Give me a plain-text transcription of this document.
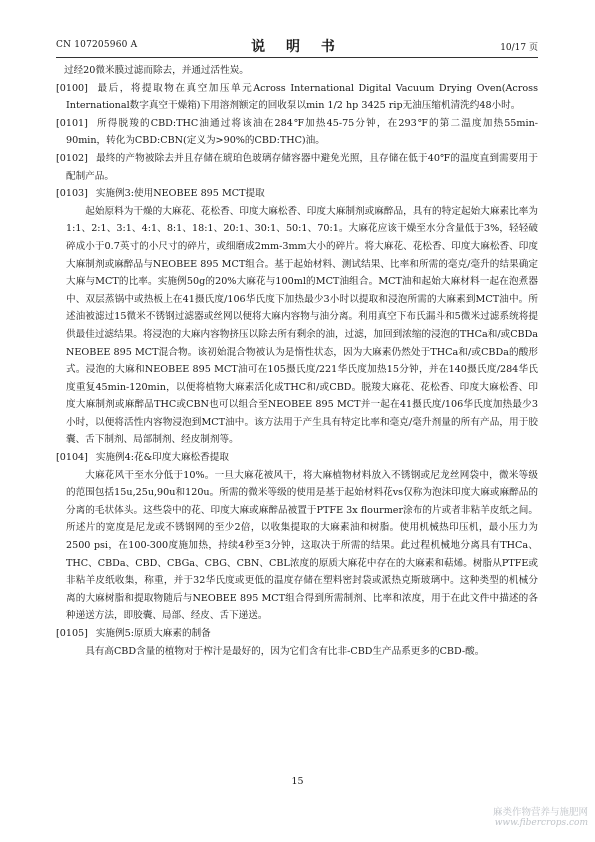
CN 107205960 A	说 明 书	10/17 页

过经20微米膜过滤而除去，并通过活性炭。

[0100] 最后，将提取物在真空加压单元Across International Digital Vacuum Drying Oven(Across International数字真空干燥箱)下用溶剂额定的回收泵以min 1/2 hp 3425 rip无油压缩机清洗约48小时。

[0101] 所得脱羧的CBD:THC油通过将该油在284℉加热45-75分钟，在293℉的第二温度加热55min-90min，转化为CBD:CBN(定义为>90%的CBD:THC)油。

[0102] 最终的产物被除去并且存储在琥珀色玻璃存储容器中避免光照，且存储在低于40℉的温度直到需要用于配制产品。

[0103] 实施例3:使用NEOBEE 895 MCT提取

起始原料为干燥的大麻花、花松香、印度大麻松香、印度大麻制剂或麻醉品，具有的特定起始大麻素比率为1:1、2:1、3:1、4:1、8:1、18:1、20:1、30:1、50:1、70:1。大麻花应该干燥至水分含量低于3%，轻轻破碎成小于0.7英寸的小尺寸的碎片，或细磨成2mm-3mm大小的碎片。将大麻花、花松香、印度大麻松香、印度大麻制剂或麻醉品与NEOBEE 895 MCT组合。基于起始材料、测试结果、比率和所需的毫克/毫升的结果确定大麻与MCT的比率。实施例50g的20%大麻花与100ml的MCT油组合。MCT油和起始大麻材料一起在泡煮器中、双层蒸锅中或热板上在41摄氏度/106华氏度下加热最少3小时以提取和浸泡所需的大麻素到MCT油中。所述油被滤过15微米不锈钢过滤器或丝网以便将大麻内容物与油分离。利用真空下布氏漏斗和5微米过滤系统将提供最佳过滤结果。将浸泡的大麻内容物挤压以除去所有剩余的油，过滤，加回到浓缩的浸泡的THCa和/或CBDa NEOBEE 895 MCT混合物。该初始混合物被认为是惰性状态，因为大麻素仍然处于THCa和/或CBDa的酸形式。浸泡的大麻和NEOBEE 895 MCT油可在105摄氏度/221华氏度加热15分钟，并在140摄氏度/284华氏度重复45min-120min，以便将植物大麻素活化成THC和/或CBD。脱羧大麻花、花松香、印度大麻松香、印度大麻制剂或麻醉品THC或CBN也可以组合至NEOBEE 895 MCT并一起在41摄氏度/106华氏度加热最少3小时，以便将活性内容物浸泡到MCT油中。该方法用于产生具有特定比率和毫克/毫升剂量的所有产品，用于胶囊、舌下制剂、局部制剂、经皮制剂等。

[0104] 实施例4:花&印度大麻松香提取

大麻花风干至水分低于10%。一旦大麻花被风干，将大麻植物材料放入不锈钢或尼龙丝网袋中，微米等级的范围包括15u,25u,90u和120u。所需的微米等级的使用是基于起始材料花vs仅称为泡沫印度大麻或麻醉品的分离的毛状体头。这些袋中的花、印度大麻或麻醉品被置于PTFE 3x flourmer涂布的片或者非粘羊皮纸之间。所述片的宽度是尼龙或不锈钢网的至少2倍，以收集提取的大麻素油和树脂。使用机械热印压机，最小压力为2500 psi，在100-300度施加热，持续4秒至3分钟，这取决于所需的结果。此过程机械地分离具有THCa、THC、CBDa、CBD、CBGa、CBG、CBN、CBL浓度的原质大麻花中存在的大麻素和萜烯。树脂从PTFE或非粘羊皮纸收集，称重，并于32华氏度或更低的温度存储在塑料密封袋或派热克斯玻璃中。这种类型的机械分离的大麻树脂和提取物随后与NEOBEE 895 MCT组合得到所需制剂、比率和浓度，用于在此文件中描述的各种递送方法，即胶囊、局部、经皮、舌下递送。

[0105] 实施例5:原质大麻素的制备

具有高CBD含量的植物对于榨汁是最好的，因为它们含有比非-CBD生产品系更多的CBD-酸。

15
麻类作物营养与施肥网
www.fibercrops.com
